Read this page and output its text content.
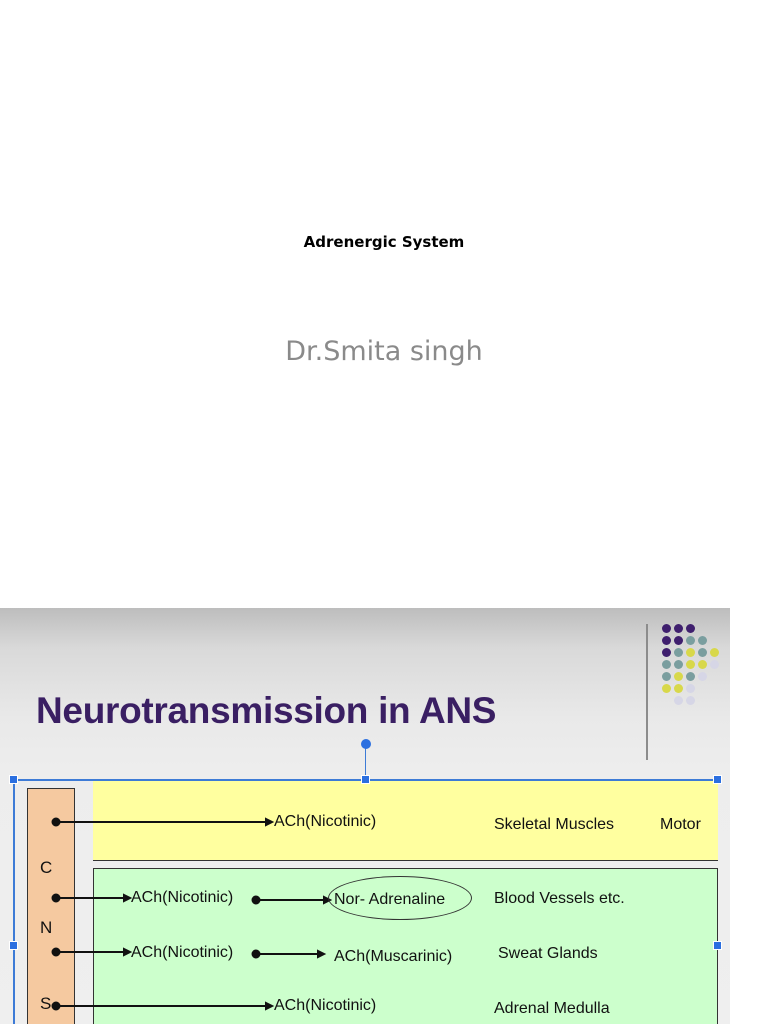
Adrenergic System
Dr.Smita singh
Neurotransmission in ANS
C
N
S
ACh(Nicotinic)	Skeletal Muscles	Motor
ACh(Nicotinic)	Nor- Adrenaline	Blood Vessels etc.
ACh(Nicotinic)	ACh(Muscarinic)	Sweat Glands
ACh(Nicotinic)	Adrenal Medulla
